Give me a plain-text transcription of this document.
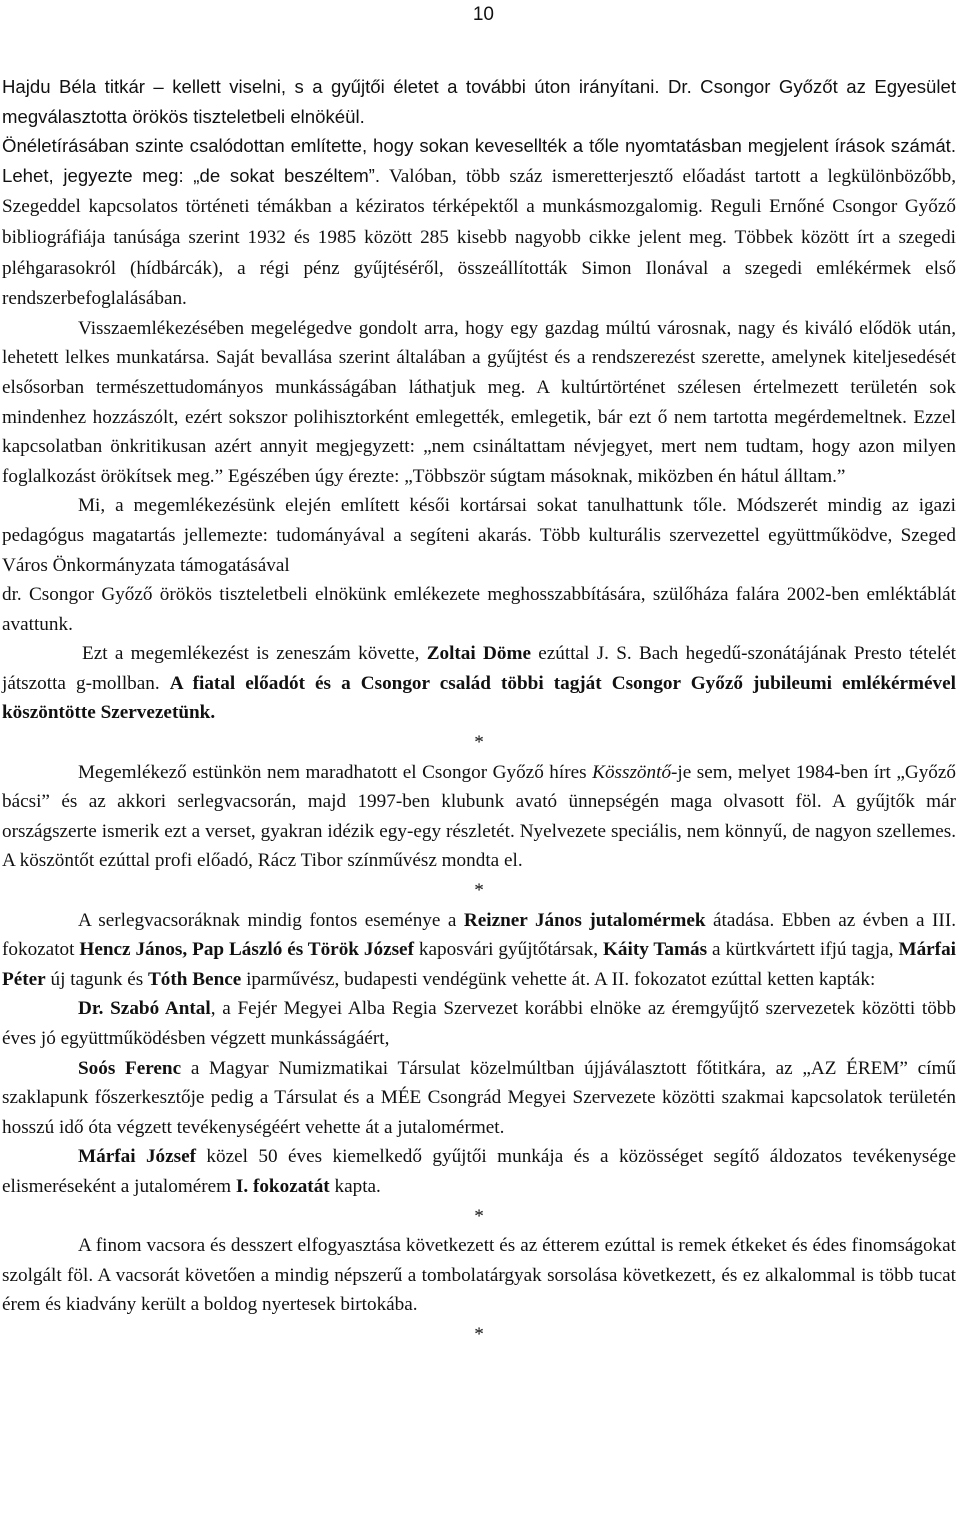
10

Hajdu Béla titkár – kellett viselni, s a gyűjtői életet a további úton irányítani. Dr. Csongor Győzőt az Egyesület megválasztotta örökös tiszteletbeli elnökéül.

Önéletírásában szinte csalódottan említette, hogy sokan kevesellték a tőle nyomtatásban megjelent írások számát. Lehet, jegyezte meg: „de sokat beszéltem”. Valóban, több száz ismeretterjesztő előadást tartott a legkülönbözőbb, Szegeddel kapcsolatos történeti témákban a kéziratos térképektől a munkásmozgalomig. Reguli Ernőné Csongor Győző bibliográfiája tanúsága szerint 1932 és 1985 között 285 kisebb nagyobb cikke jelent meg. Többek között írt a szegedi pléhgarasokról (hídbárcák), a régi pénz gyűjtéséről, összeállították Simon Ilonával a szegedi emlékérmek első rendszerbefoglalásában.

Visszaemlékezésében megelégedve gondolt arra, hogy egy gazdag múltú városnak, nagy és kiváló elődök után, lehetett lelkes munkatársa. Saját bevallása szerint általában a gyűjtést és a rendszerezést szerette, amelynek kiteljesedését elsősorban természettudományos munkásságában láthatjuk meg. A kultúrtörténet szélesen értelmezett területén sok mindenhez hozzászólt, ezért sokszor polihisztorként emlegették, emlegetik, bár ezt ő nem tartotta megérdemeltnek. Ezzel kapcsolatban önkritikusan azért annyit megjegyzett: „nem csináltattam névjegyet, mert nem tudtam, hogy azon milyen foglalkozást örökítsek meg.” Egészében úgy érezte: „Többször súgtam másoknak, miközben én hátul álltam.”

Mi, a megemlékezésünk elején említett késői kortársai sokat tanulhattunk tőle. Módszerét mindig az igazi pedagógus magatartás jellemezte: tudományával a segíteni akarás. Több kulturális szervezettel együttműködve, Szeged Város Önkormányzata támogatásával

dr. Csongor Győző örökös tiszteletbeli elnökünk emlékezete meghosszabbítására, szülőháza falára 2002-ben emléktáblát avattunk.

Ezt a megemlékezést is zeneszám követte, Zoltai Döme ezúttal J. S. Bach hegedű-szonátájának Presto tételét játszotta g-mollban. A fiatal előadót és a Csongor család többi tagját Csongor Győző jubileumi emlékérmével köszöntötte Szervezetünk.

*

Megemlékező estünkön nem maradhatott el Csongor Győző híres Kösszöntő-je sem, melyet 1984-ben írt „Győző bácsi” és az akkori serlegvacsorán, majd 1997-ben klubunk avató ünnepségén maga olvasott föl. A gyűjtők már országszerte ismerik ezt a verset, gyakran idézik egy-egy részletét. Nyelvezete speciális, nem könnyű, de nagyon szellemes. A köszöntőt ezúttal profi előadó, Rácz Tibor színművész mondta el.

*

A serlegvacsoráknak mindig fontos eseménye a Reizner János jutalomérmek átadása. Ebben az évben a III. fokozatot Hencz János, Pap László és Török József kaposvári gyűjtőtársak, Káity Tamás a kürtkvártett ifjú tagja, Márfai Péter új tagunk és Tóth Bence iparművész, budapesti vendégünk vehette át. A II. fokozatot ezúttal ketten kapták:

Dr. Szabó Antal, a Fejér Megyei Alba Regia Szervezet korábbi elnöke az éremgyűjtő szervezetek közötti több éves jó együttműködésben végzett munkásságáért,

Soós Ferenc a Magyar Numizmatikai Társulat közelmúltban újjáválasztott főtitkára, az „AZ ÉREM” című szaklapunk főszerkesztője pedig a Társulat és a MÉE Csongrád Megyei Szervezete közötti szakmai kapcsolatok területén hosszú idő óta végzett tevékenységéért vehette át a jutalomérmet.

Márfai József közel 50 éves kiemelkedő gyűjtői munkája és a közösséget segítő áldozatos tevékenysége elismeréseként a jutalomérem I. fokozatát kapta.

*

A finom vacsora és desszert elfogyasztása következett és az étterem ezúttal is remek étkeket és édes finomságokat szolgált föl. A vacsorát követően a mindig népszerű a tombolatárgyak sorsolása következett, és ez alkalommal is több tucat érem és kiadvány került a boldog nyertesek birtokába.

*
